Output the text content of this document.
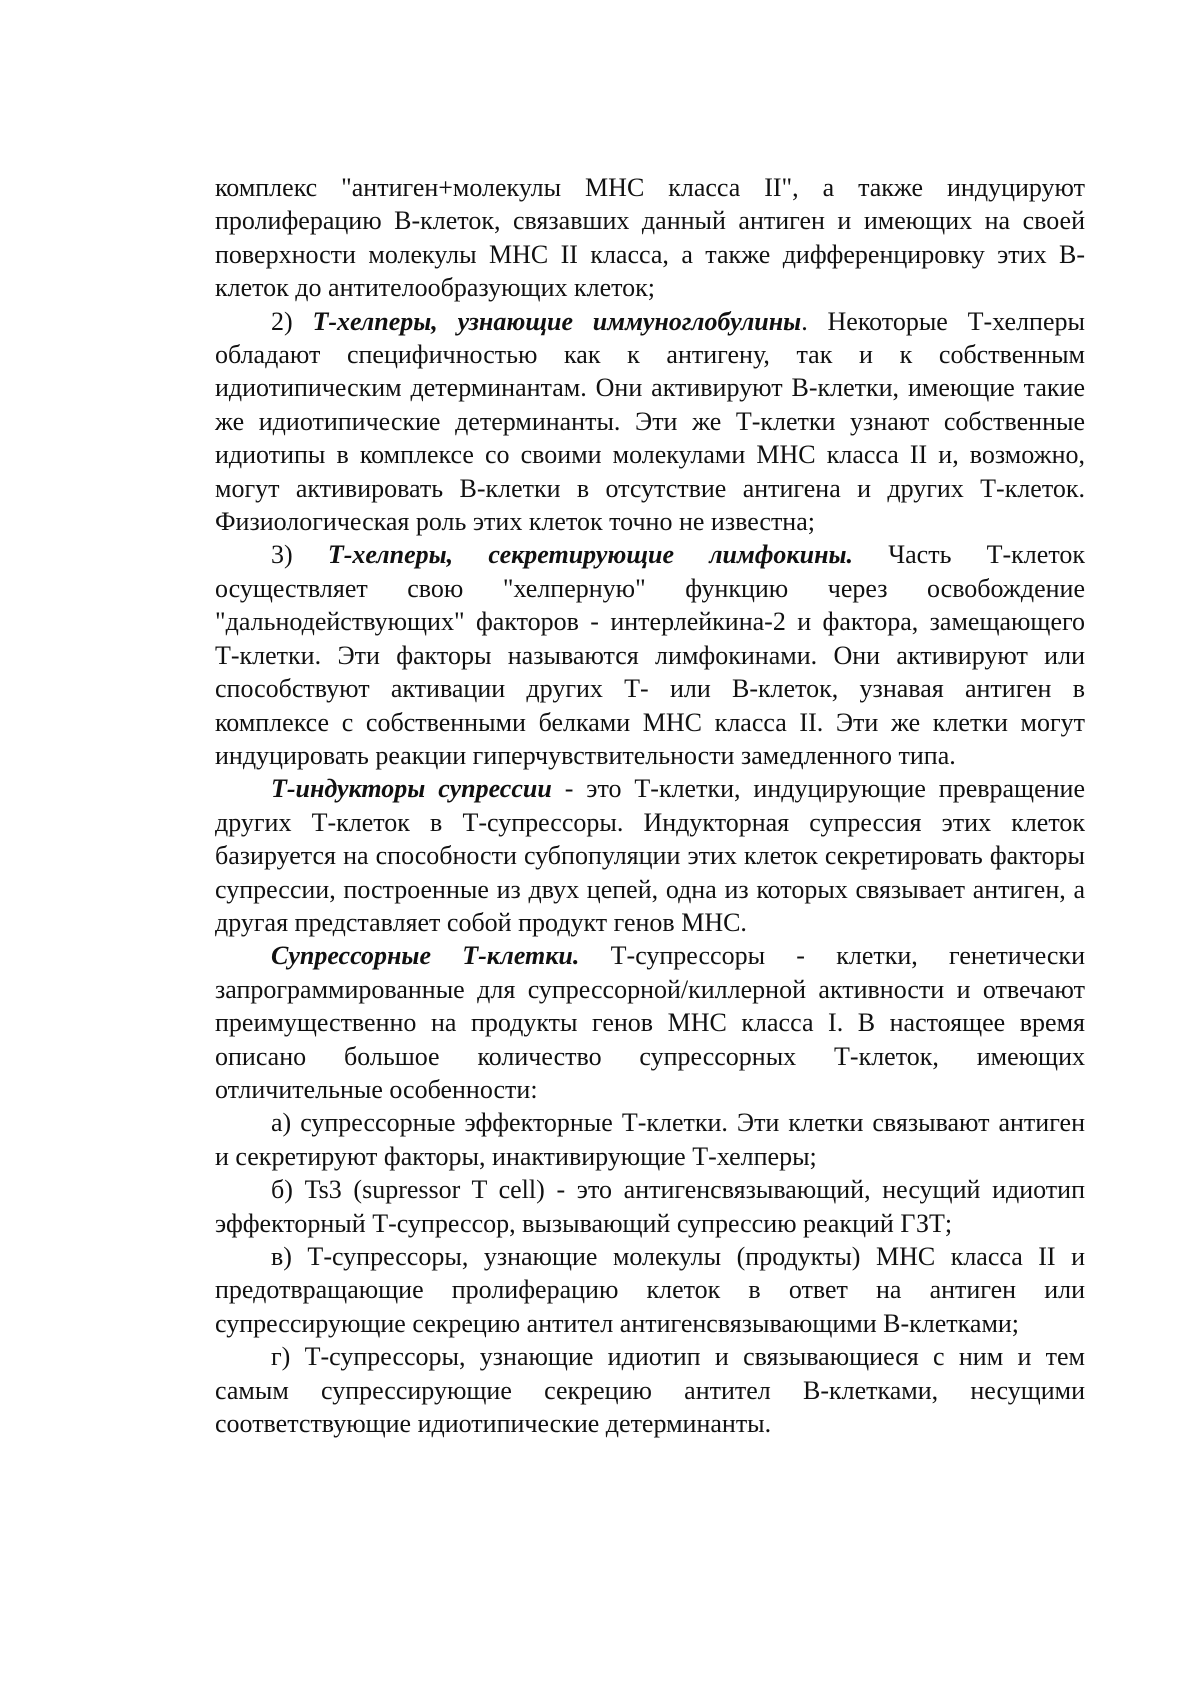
комплекс "антиген+молекулы МНС класса II", а также индуцируют пролиферацию В-клеток, связавших данный антиген и имеющих на своей поверхности молекулы МНС II класса, а также дифференцировку этих В-клеток до антителообразующих клеток;

2) Т-хелперы, узнающие иммуноглобулины. Некоторые Т-хелперы обладают специфичностью как к антигену, так и к собственным идиотипическим детерминантам. Они активируют В-клетки, имеющие такие же идиотипические детерминанты. Эти же Т-клетки узнают собственные идиотипы в комплексе со своими молекулами МНС класса II и, возможно, могут активировать В-клетки в отсутствие антигена и других Т-клеток. Физиологическая роль этих клеток точно не известна;

3) Т-хелперы, секретирующие лимфокины. Часть Т-клеток осуществляет свою "хелперную" функцию через освобождение "дальнодействующих" факторов - интерлейкина-2 и фактора, замещающего Т-клетки. Эти факторы называются лимфокинами. Они активируют или способствуют активации других Т- или В-клеток, узнавая антиген в комплексе с собственными белками МНС класса II. Эти же клетки могут индуцировать реакции гиперчувствительности замедленного типа.

Т-индукторы супрессии - это Т-клетки, индуцирующие превращение других Т-клеток в Т-супрессоры. Индукторная супрессия этих клеток базируется на способности субпопуляции этих клеток секретировать факторы супрессии, построенные из двух цепей, одна из которых связывает антиген, а другая представляет собой продукт генов МНС.

Супрессорные Т-клетки. Т-супрессоры - клетки, генетически запрограммированные для супрессорной/киллерной активности и отвечают преимущественно на продукты генов МНС класса I. В настоящее время описано большое количество супрессорных Т-клеток, имеющих отличительные особенности:

а) супрессорные эффекторные Т-клетки. Эти клетки связывают антиген и секретируют факторы, инактивирующие Т-хелперы;

б) Ts3 (supressor T cell) - это антигенсвязывающий, несущий идиотип эффекторный Т-супрессор, вызывающий супрессию реакций ГЗТ;

в) Т-супрессоры, узнающие молекулы (продукты) МНС класса II и предотвращающие пролиферацию клеток в ответ на антиген или супрессирующие секрецию антител антигенсвязывающими В-клетками;

г) Т-супрессоры, узнающие идиотип и связывающиеся с ним и тем самым супрессирующие секрецию антител В-клетками, несущими соответствующие идиотипические детерминанты.
